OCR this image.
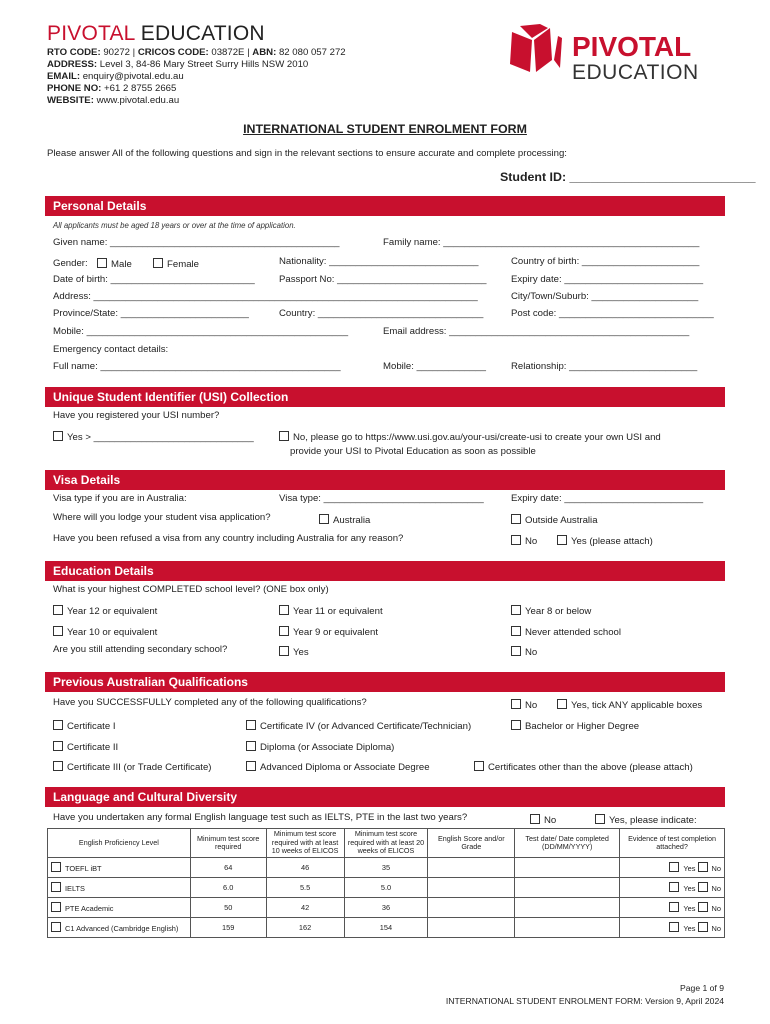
PIVOTAL EDUCATION
RTO CODE: 90272 | CRICOS CODE: 03872E | ABN: 82 080 057 272
ADDRESS: Level 3, 84-86 Mary Street Surry Hills NSW 2010
EMAIL: enquiry@pivotal.edu.au
PHONE NO: +61 2 8755 2665
WEBSITE: www.pivotal.edu.au
PIVOTAL
EDUCATION
INTERNATIONAL STUDENT ENROLMENT FORM
Please answer All of the following questions and sign in the relevant sections to ensure accurate and complete processing:
Student ID: ___________________________
Personal Details
All applicants must be aged 18 years or over at the time of application.
Given name: ___________________________________________	Family name: ________________________________________________
Gender:	Male	Female	Nationality: ____________________________	Country of birth: ______________________
Date of birth: ___________________________	Passport No: ____________________________	Expiry date: __________________________
Address: ________________________________________________________________________	City/Town/Suburb: ____________________
Province/State: ________________________	Country: _______________________________	Post code: _____________________________
Mobile: _________________________________________________	Email address: _____________________________________________
Emergency contact details:
Full name: _____________________________________________	Mobile: _____________	Relationship: ________________________
Unique Student Identifier (USI) Collection
Have you registered your USI number?
Yes > ______________________________	No, please go to https://www.usi.gov.au/your-usi/create-usi to create your own USI and
provide your USI to Pivotal Education as soon as possible
Visa Details
Visa type if you are in Australia:	Visa type: ______________________________	Expiry date: __________________________
Where will you lodge your student visa application?	Australia	Outside Australia
Have you been refused a visa from any country including Australia for any reason?	No	Yes (please attach)
Education Details
What is your highest COMPLETED school level? (ONE box only)
Year 12 or equivalent	Year 11 or equivalent	Year 8 or below
Year 10 or equivalent	Year 9 or equivalent	Never attended school
Are you still attending secondary school?	Yes	No
Previous Australian Qualifications
Have you SUCCESSFULLY completed any of the following qualifications?	No	Yes, tick ANY applicable boxes
Certificate I	Certificate IV (or Advanced Certificate/Technician)	Bachelor or Higher Degree
Certificate II	Diploma (or Associate Diploma)
Certificate III (or Trade Certificate)	Advanced Diploma or Associate Degree	Certificates other than the above (please attach)
Language and Cultural Diversity
Have you undertaken any formal English language test such as IELTS, PTE in the last two years?	No	Yes, please indicate:
English Proficiency Level	Minimum test score required	Minimum test score required with at least 10 weeks of ELICOS	Minimum test score required with at least 20 weeks of ELICOS	English Score and/or Grade	Test date/ Date completed (DD/MM/YYYY)	Evidence of test completion attached?
TOEFL iBT	64	46	35			Yes No
IELTS	6.0	5.5	5.0			Yes No
PTE Academic	50	42	36			Yes No
C1 Advanced (Cambridge English)	159	162	154			Yes No
Page 1 of 9
INTERNATIONAL STUDENT ENROLMENT FORM: Version 9, April 2024
